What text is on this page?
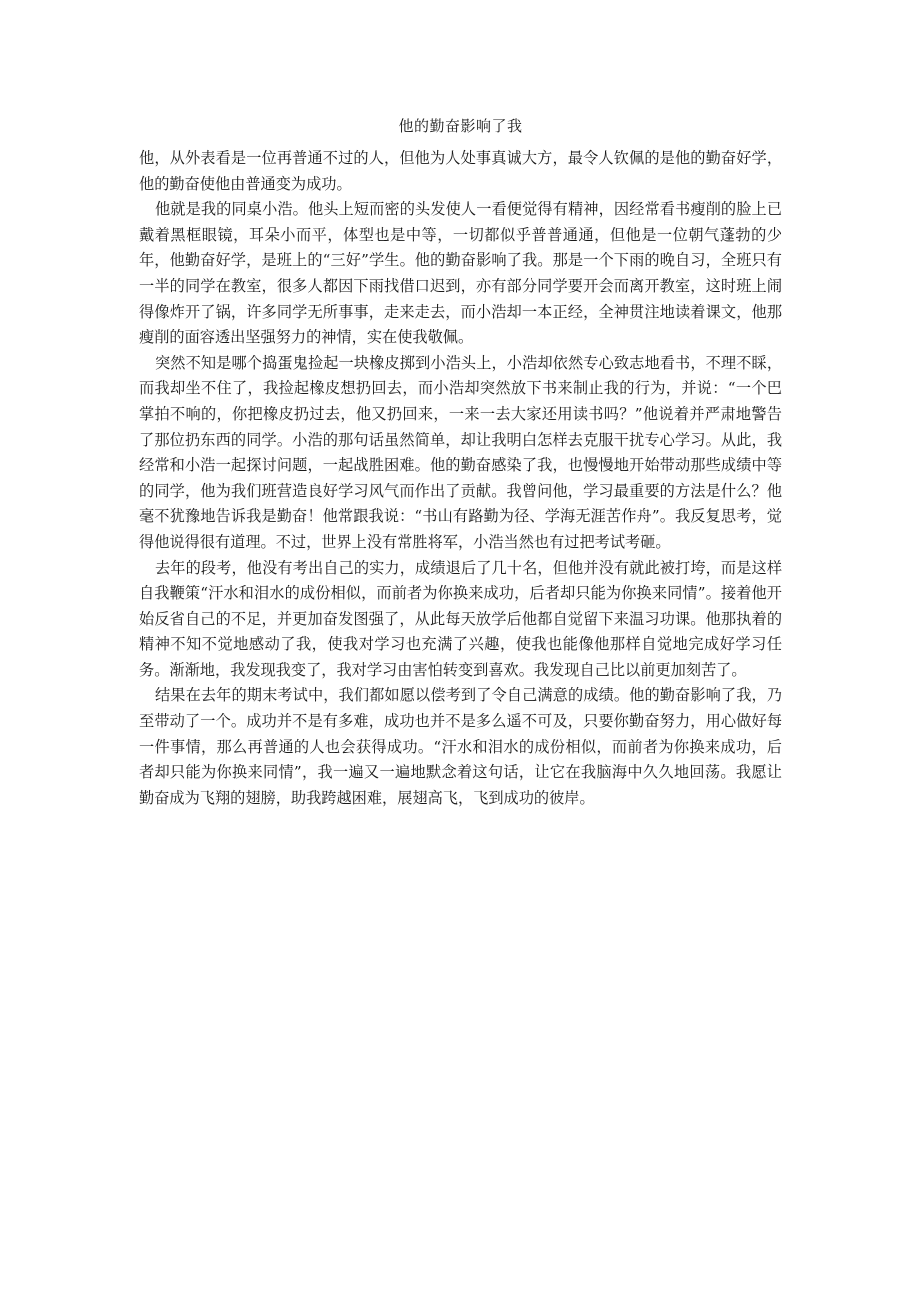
他的勤奋影响了我

他，从外表看是一位再普通不过的人，但他为人处事真诚大方，最令人钦佩的是他的勤奋好学，他的勤奋使他由普通变为成功。

他就是我的同桌小浩。他头上短而密的头发使人一看便觉得有精神，因经常看书瘦削的脸上已戴着黑框眼镜，耳朵小而平，体型也是中等，一切都似乎普普通通，但他是一位朝气蓬勃的少年，他勤奋好学，是班上的“三好”学生。他的勤奋影响了我。那是一个下雨的晚自习，全班只有一半的同学在教室，很多人都因下雨找借口迟到，亦有部分同学要开会而离开教室，这时班上闹得像炸开了锅，许多同学无所事事，走来走去，而小浩却一本正经，全神贯注地读着课文，他那瘦削的面容透出坚强努力的神情，实在使我敬佩。

突然不知是哪个捣蛋鬼捡起一块橡皮掷到小浩头上，小浩却依然专心致志地看书，不理不睬，而我却坐不住了，我捡起橡皮想扔回去，而小浩却突然放下书来制止我的行为，并说：“一个巴掌拍不响的，你把橡皮扔过去，他又扔回来，一来一去大家还用读书吗？”他说着并严肃地警告了那位扔东西的同学。小浩的那句话虽然简单，却让我明白怎样去克服干扰专心学习。从此，我经常和小浩一起探讨问题，一起战胜困难。他的勤奋感染了我，也慢慢地开始带动那些成绩中等的同学，他为我们班营造良好学习风气而作出了贡献。我曾问他，学习最重要的方法是什么？他毫不犹豫地告诉我是勤奋！他常跟我说：“书山有路勤为径、学海无涯苦作舟”。我反复思考，觉得他说得很有道理。不过，世界上没有常胜将军，小浩当然也有过把考试考砸。

去年的段考，他没有考出自己的实力，成绩退后了几十名，但他并没有就此被打垮，而是这样自我鞭策“汗水和泪水的成份相似，而前者为你换来成功，后者却只能为你换来同情”。接着他开始反省自己的不足，并更加奋发图强了，从此每天放学后他都自觉留下来温习功课。他那执着的精神不知不觉地感动了我，使我对学习也充满了兴趣，使我也能像他那样自觉地完成好学习任务。渐渐地，我发现我变了，我对学习由害怕转变到喜欢。我发现自己比以前更加刻苦了。

结果在去年的期末考试中，我们都如愿以偿考到了令自己满意的成绩。他的勤奋影响了我，乃至带动了一个。成功并不是有多难，成功也并不是多么遥不可及，只要你勤奋努力，用心做好每一件事情，那么再普通的人也会获得成功。“汗水和泪水的成份相似，而前者为你换来成功，后者却只能为你换来同情”，我一遍又一遍地默念着这句话，让它在我脑海中久久地回荡。我愿让勤奋成为飞翔的翅膀，助我跨越困难，展翅高飞，飞到成功的彼岸。
